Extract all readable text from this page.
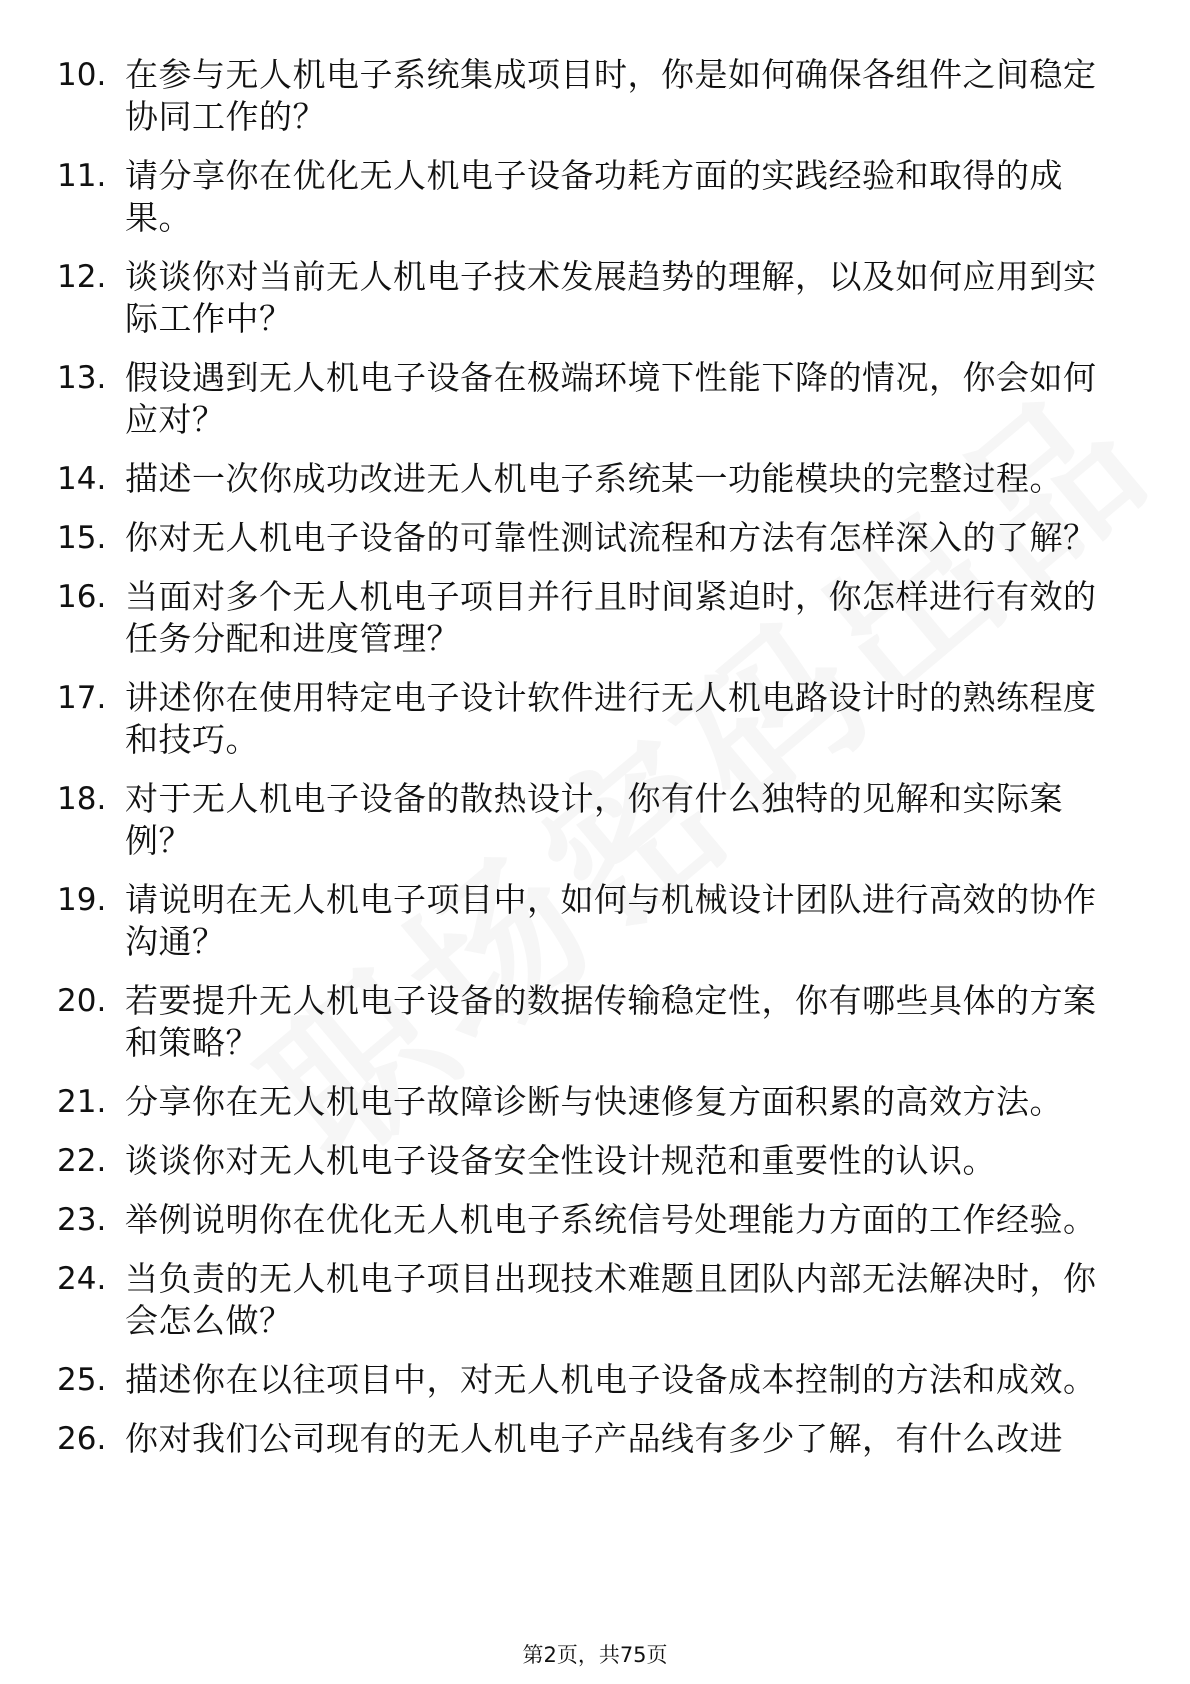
10. 在参与无人机电子系统集成项目时，你是如何确保各组件之间稳定协同工作的？
11. 请分享你在优化无人机电子设备功耗方面的实践经验和取得的成果。
12. 谈谈你对当前无人机电子技术发展趋势的理解，以及如何应用到实际工作中？
13. 假设遇到无人机电子设备在极端环境下性能下降的情况，你会如何应对？
14. 描述一次你成功改进无人机电子系统某一功能模块的完整过程。
15. 你对无人机电子设备的可靠性测试流程和方法有怎样深入的了解？
16. 当面对多个无人机电子项目并行且时间紧迫时，你怎样进行有效的任务分配和进度管理？
17. 讲述你在使用特定电子设计软件进行无人机电路设计时的熟练程度和技巧。
18. 对于无人机电子设备的散热设计，你有什么独特的见解和实际案例？
19. 请说明在无人机电子项目中，如何与机械设计团队进行高效的协作沟通？
20. 若要提升无人机电子设备的数据传输稳定性，你有哪些具体的方案和策略？
21. 分享你在无人机电子故障诊断与快速修复方面积累的高效方法。
22. 谈谈你对无人机电子设备安全性设计规范和重要性的认识。
23. 举例说明你在优化无人机电子系统信号处理能力方面的工作经验。
24. 当负责的无人机电子项目出现技术难题且团队内部无法解决时，你会怎么做？
25. 描述你在以往项目中，对无人机电子设备成本控制的方法和成效。
26. 你对我们公司现有的无人机电子产品线有多少了解，有什么改进
第2页，共75页
